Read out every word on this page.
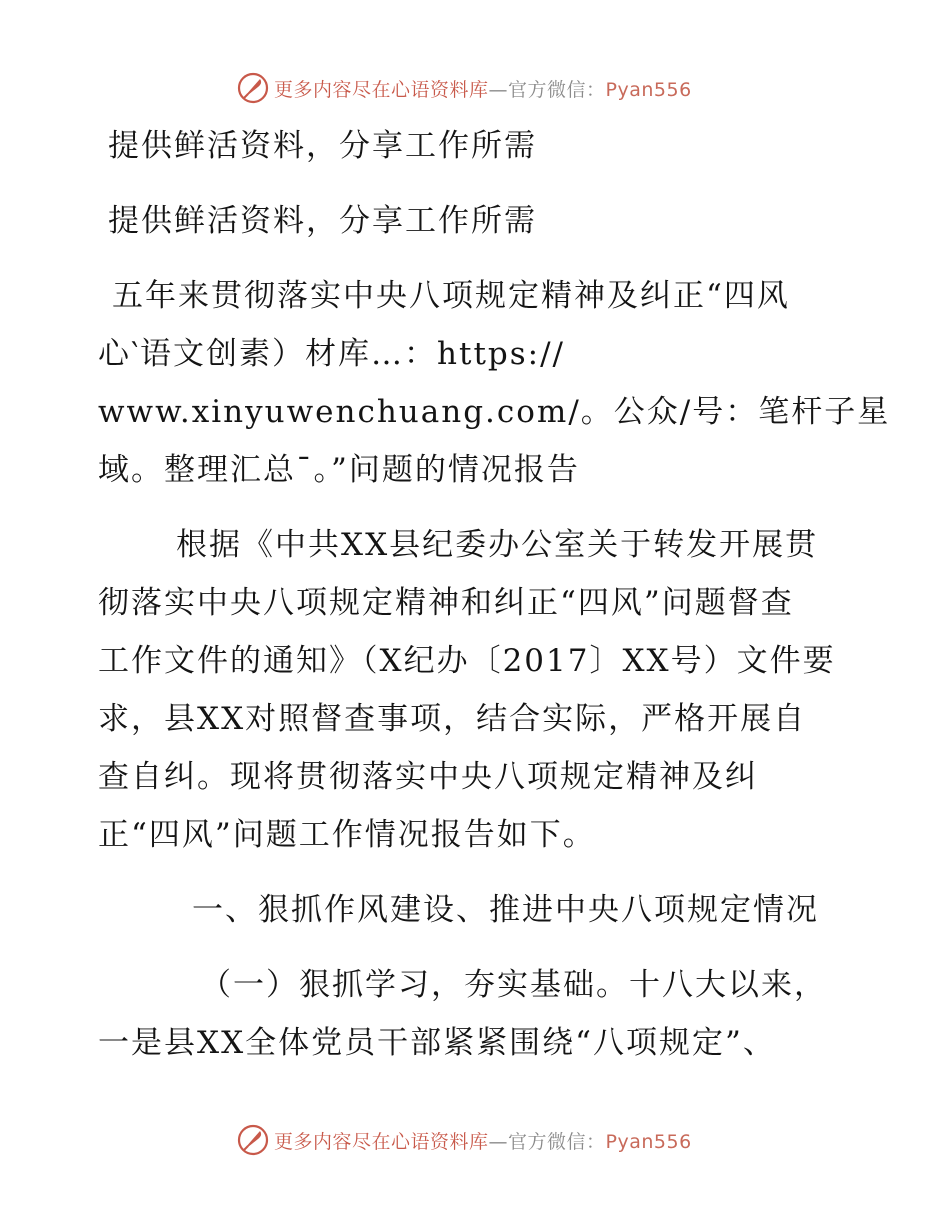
更多内容尽在心语资料库—官方微信：Pyan556
提供鲜活资料，分享工作所需
提供鲜活资料，分享工作所需
五年来贯彻落实中央八项规定精神及纠正“四风
心‵语文创素）材库…：https://
www.xinyuwenchuang.com/。公众/号：笔杆子星
域。整理汇总¯。”问题的情况报告
根据《中共XX县纪委办公室关于转发开展贯
彻落实中央八项规定精神和纠正“四风”问题督查
工作文件的通知》（X纪办〔2017〕XX号）文件要
求，县XX对照督查事项，结合实际，严格开展自
查自纠。现将贯彻落实中央八项规定精神及纠
正“四风”问题工作情况报告如下。
一、狠抓作风建设、推进中央八项规定情况
（一）狠抓学习，夯实基础。十八大以来，
一是县XX全体党员干部紧紧围绕“八项规定”、
更多内容尽在心语资料库—官方微信：Pyan556
